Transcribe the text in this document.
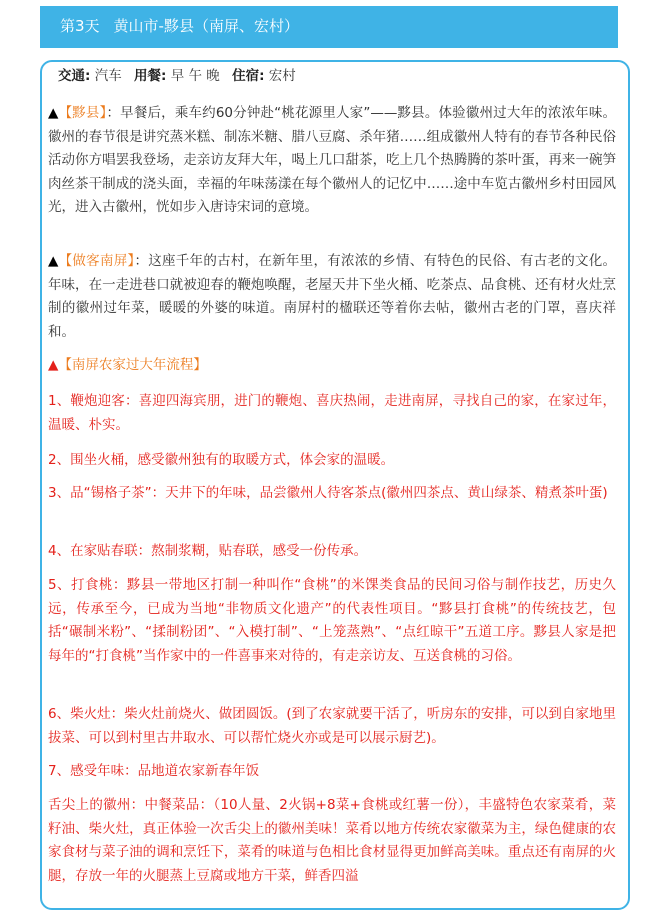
第3天 黄山市-黟县（南屏、宏村）
交通: 汽车 用餐: 早 午 晚 住宿: 宏村

▲【黟县】：早餐后，乘车约60分钟赴“桃花源里人家”——黟县。体验徽州过大年的浓浓年味。徽州的春节很是讲究蒸米糕、制冻米糖、腊八豆腐、杀年猪……组成徽州人特有的春节各种民俗活动你方唱罢我登场，走亲访友拜大年，喝上几口甜茶，吃上几个热腾腾的茶叶蛋，再来一碗笋肉丝茶干制成的浇头面，幸福的年味荡漾在每个徽州人的记忆中……途中车览古徽州乡村田园风光，进入古徽州，恍如步入唐诗宋词的意境。

▲【做客南屏】：这座千年的古村，在新年里，有浓浓的乡情、有特色的民俗、有古老的文化。年味，在一走进巷口就被迎春的鞭炮唤醒，老屋天井下坐火桶、吃茶点、品食桃、还有材火灶烹制的徽州过年菜，暖暖的外婆的味道。南屏村的楹联还等着你去帖，徽州古老的门罩，喜庆祥和。

▲【南屏农家过大年流程】

1、鞭炮迎客：喜迎四海宾朋，进门的鞭炮、喜庆热闹，走进南屏，寻找自己的家，在家过年，温暖、朴实。

2、围坐火桶，感受徽州独有的取暖方式，体会家的温暖。

3、品“锡格子茶”：天井下的年味，品尝徽州人待客茶点(徽州四茶点、黄山绿茶、精煮茶叶蛋)

4、在家贴春联：熬制浆糊，贴春联，感受一份传承。

5、打食桃：黟县一带地区打制一种叫作“食桃”的米馃类食品的民间习俗与制作技艺，历史久远，传承至今，已成为当地“非物质文化遗产”的代表性项目。“黟县打食桃”的传统技艺，包括“碾制米粉”、“揉制粉团”、“入模打制”、“上笼蒸熟”、“点红晾干”五道工序。黟县人家是把每年的“打食桃”当作家中的一件喜事来对待的，有走亲访友、互送食桃的习俗。

6、柴火灶：柴火灶前烧火、做团圆饭。(到了农家就要干活了，听房东的安排，可以到自家地里拔菜、可以到村里古井取水、可以帮忙烧火亦或是可以展示厨艺)。

7、感受年味：品地道农家新春年饭

舌尖上的徽州：中餐菜品：（10人量、2火锅+8菜+食桃或红薯一份），丰盛特色农家菜肴，菜籽油、柴火灶，真正体验一次舌尖上的徽州美味！菜肴以地方传统农家徽菜为主，绿色健康的农家食材与菜子油的调和烹饪下，菜肴的味道与色相比食材显得更加鲜高美味。重点还有南屏的火腿，存放一年的火腿蒸上豆腐或地方干菜，鲜香四溢
